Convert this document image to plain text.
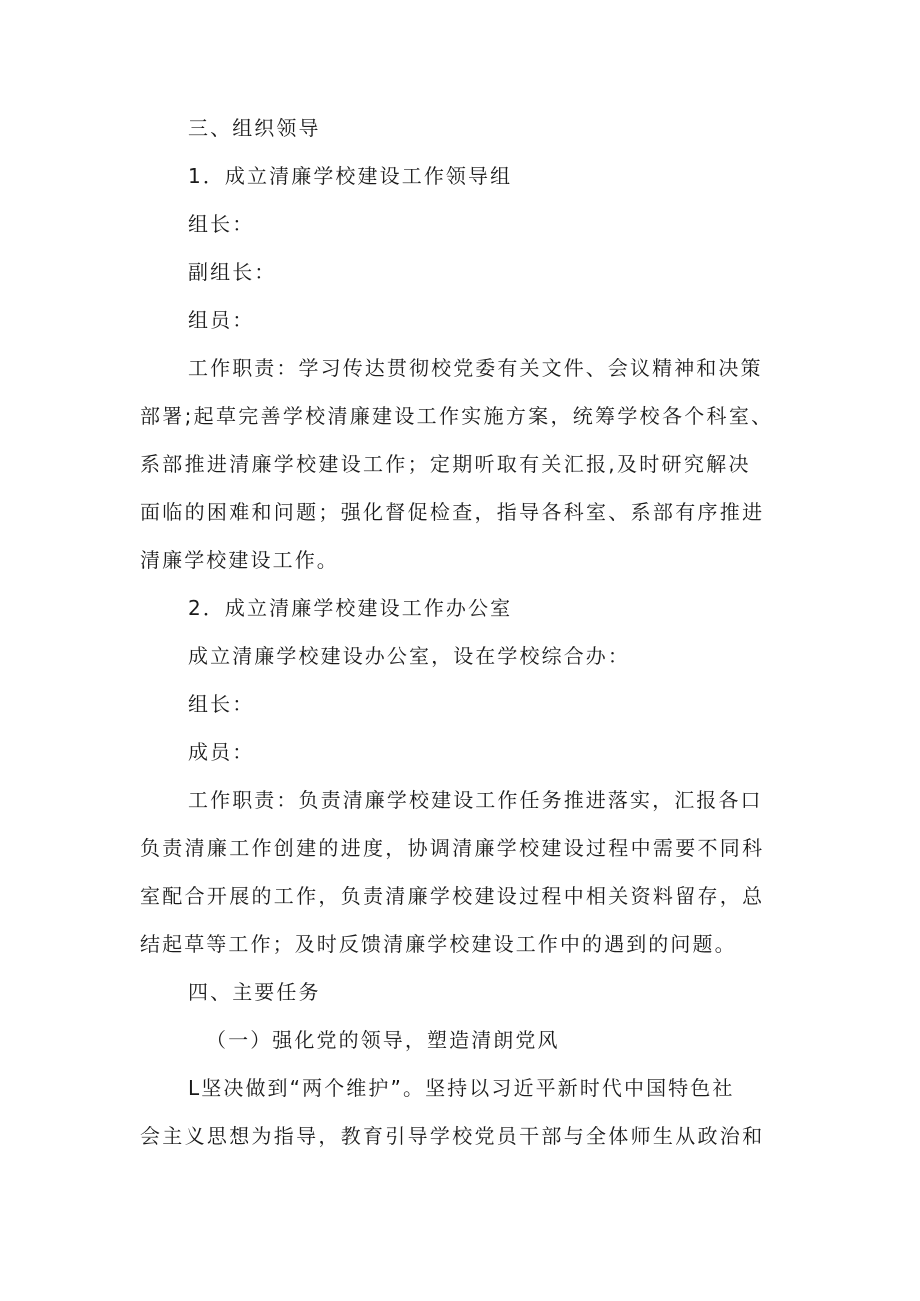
三、组织领导
1．成立清廉学校建设工作领导组
组长：
副组长：
组员：
工作职责：学习传达贯彻校党委有关文件、会议精神和决策
部署;起草完善学校清廉建设工作实施方案，统筹学校各个科室、
系部推进清廉学校建设工作；定期听取有关汇报,及时研究解决
面临的困难和问题；强化督促检查，指导各科室、系部有序推进
清廉学校建设工作。
2．成立清廉学校建设工作办公室
成立清廉学校建设办公室，设在学校综合办：
组长：
成员：
工作职责：负责清廉学校建设工作任务推进落实，汇报各口
负责清廉工作创建的进度，协调清廉学校建设过程中需要不同科
室配合开展的工作，负责清廉学校建设过程中相关资料留存，总
结起草等工作；及时反馈清廉学校建设工作中的遇到的问题。
四、主要任务
（一）强化党的领导，塑造清朗党风
L坚决做到“两个维护”。坚持以习近平新时代中国特色社
会主义思想为指导，教育引导学校党员干部与全体师生从政治和
